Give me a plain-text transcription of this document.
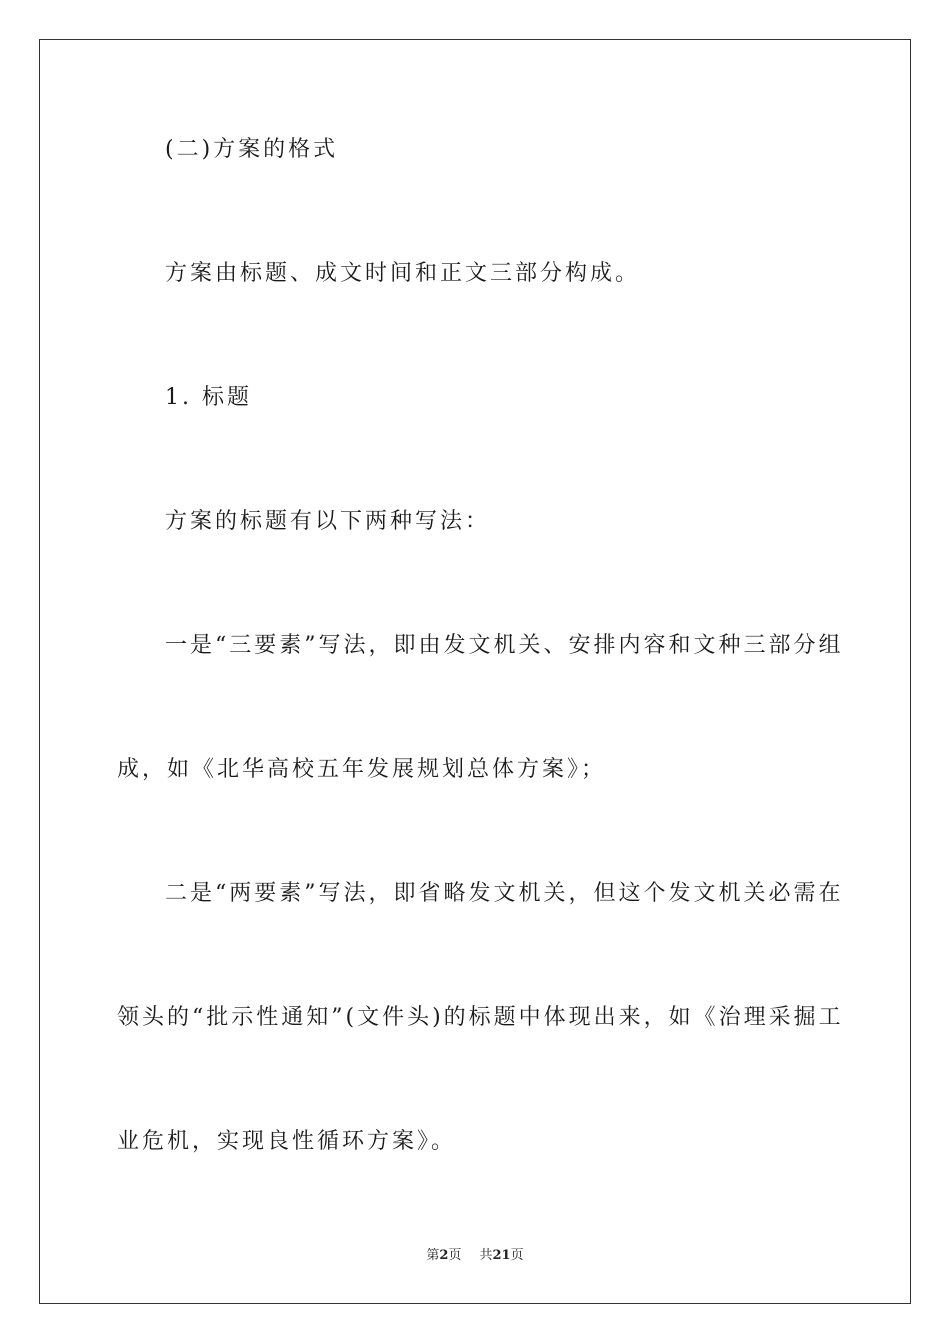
(二)方案的格式
方案由标题、成文时间和正文三部分构成。
1. 标题
方案的标题有以下两种写法：
一是“三要素”写法，即由发文机关、安排内容和文种三部分组
成，如《北华高校五年发展规划总体方案》；
二是“两要素”写法，即省略发文机关，但这个发文机关必需在
领头的“批示性通知”(文件头)的标题中体现出来，如《治理采掘工
业危机，实现良性循环方案》。
第2页 共21页
